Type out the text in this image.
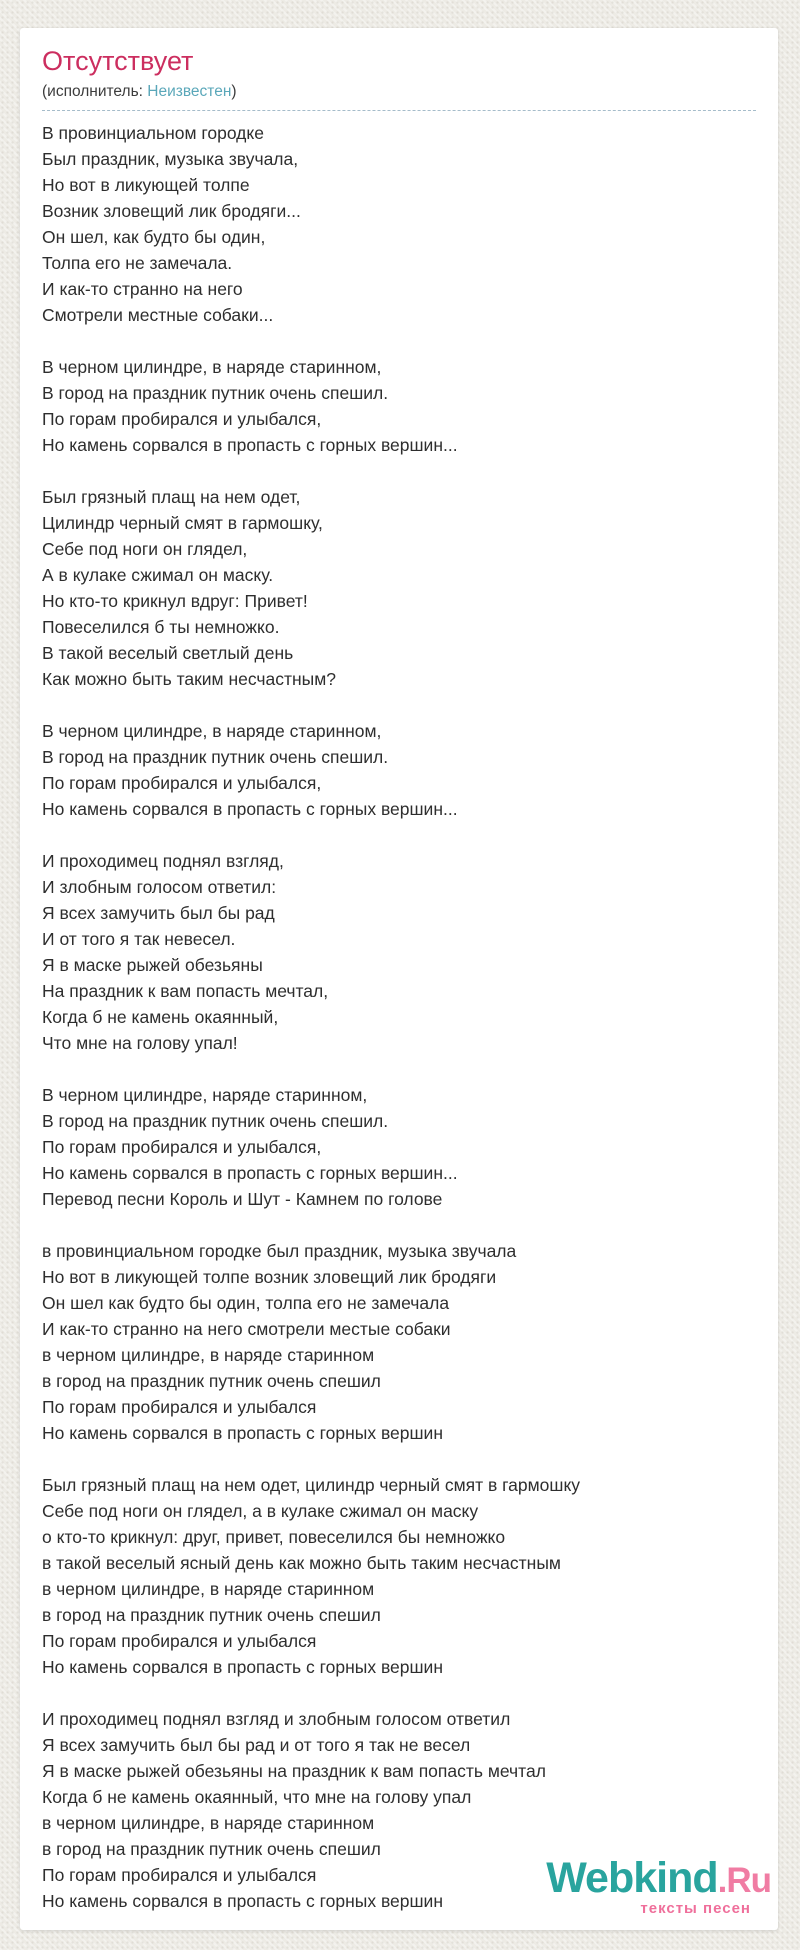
Отсутствует
(исполнитель: Неизвестен)
В провинциальном городке
Был праздник, музыка звучала,
Но вот в ликующей толпе
Возник зловещий лик бродяги...
Он шел, как будто бы один,
Толпа его не замечала.
И как-то странно на него
Смотрели местные собаки...

В черном цилиндре, в наряде старинном,
В город на праздник путник очень спешил.
По горам пробирался и улыбался,
Но камень сорвался в пропасть с горных вершин...

Был грязный плащ на нем одет,
Цилиндр черный смят в гармошку,
Себе под ноги он глядел,
А в кулаке сжимал он маску.
Но кто-то крикнул вдруг: Привет!
Повеселился б ты немножко.
В такой веселый светлый день
Как можно быть таким несчастным?

В черном цилиндре, в наряде старинном,
В город на праздник путник очень спешил.
По горам пробирался и улыбался,
Но камень сорвался в пропасть с горных вершин...

И проходимец поднял взгляд,
И злобным голосом ответил:
Я всех замучить был бы рад
И от того я так невесел.
Я в маске рыжей обезьяны
На праздник к вам попасть мечтал,
Когда б не камень окаянный,
Что мне на голову упал!

В черном цилиндре, наряде старинном,
В город на праздник путник очень спешил.
По горам пробирался и улыбался,
Но камень сорвался в пропасть с горных вершин...
Перевод песни Король и Шут - Камнем по голове

в провинциальном городке был праздник, музыка звучала
Но вот в ликующей толпе возник зловещий лик бродяги
Он шел как будто бы один, толпа его не замечала
И как-то странно на него смотрели местые собаки
в черном цилиндре, в наряде старинном
в город на праздник путник очень спешил
По горам пробирался и улыбался
Но камень сорвался в пропасть с горных вершин

Был грязный плащ на нем одет, цилиндр черный смят в гармошку
Себе под ноги он глядел, а в кулаке сжимал он маску
о кто-то крикнул: друг, привет, повеселился бы немножко
в такой веселый ясный день как можно быть таким несчастным
в черном цилиндре, в наряде старинном
в город на праздник путник очень спешил
По горам пробирался и улыбался
Но камень сорвался в пропасть с горных вершин

И проходимец поднял взгляд и злобным голосом ответил
Я всех замучить был бы рад и от того я так не весел
Я в маске рыжей обезьяны на праздник к вам попасть мечтал
Когда б не камень окаянный, что мне на голову упал
в черном цилиндре, в наряде старинном
в город на праздник путник очень спешил
По горам пробирался и улыбался
Но камень сорвался в пропасть с горных вершин	Webkind.Ru
тексты песен
